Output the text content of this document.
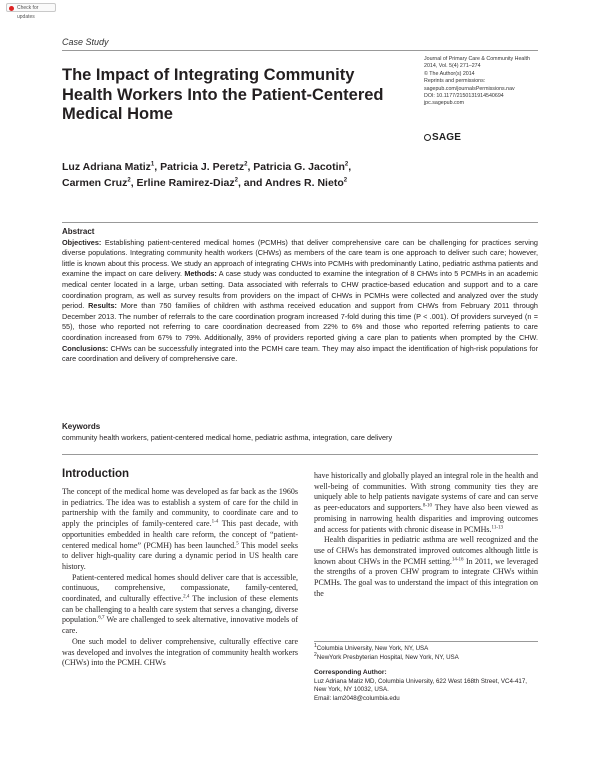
Check for updates
Case Study
The Impact of Integrating Community Health Workers Into the Patient-Centered Medical Home
Journal of Primary Care & Community Health
2014, Vol. 5(4) 271–274
© The Author(s) 2014
Reprints and permissions:
sagepub.com/journalsPermissions.nav
DOI: 10.1177/2150131914540694
jpc.sagepub.com
SAGE
Luz Adriana Matiz$^1$, Patricia J. Peretz$^2$, Patricia G. Jacotin$^2$,
Carmen Cruz$^2$, Erline Ramirez-Diaz$^2$, and Andres R. Nieto$^2$
Abstract
Objectives: Establishing patient-centered medical homes (PCMHs) that deliver comprehensive care can be challenging for practices serving diverse populations. Integrating community health workers (CHWs) as members of the care team is one approach to deliver such care; however, little is known about this process. We study an approach of integrating CHWs into PCMHs with predominantly Latino, pediatric asthma patients and examine the impact on care delivery. Methods: A case study was conducted to examine the integration of 8 CHWs into 5 PCMHs in an academic medical center located in a large, urban setting. Data associated with referrals to CHW practice-based education and support and to a care coordination program, as well as survey results from providers on the impact of CHWs in PCMHs were collected and analyzed over the study period. Results: More than 750 families of children with asthma received education and support from CHWs from February 2011 through December 2013. The number of referrals to the care coordination program increased 7-fold during this time (P < .001). Of providers surveyed (n = 55), those who reported not referring to care coordination decreased from 22% to 6% and those who reported referring patients to care coordination increased from 67% to 79%. Additionally, 39% of providers reported giving a care plan to patients when prompted by the CHW. Conclusions: CHWs can be successfully integrated into the PCMH care team. They may also impact the identification of high-risk populations for care coordination and delivery of comprehensive care.
Keywords
community health workers, patient-centered medical home, pediatric asthma, integration, care delivery
Introduction

The concept of the medical home was developed as far back as the 1960s in pediatrics. The idea was to establish a system of care for the child in partnership with the family and community, to coordinate care and to apply the principles of family-centered care.$^{1-4}$ This past decade, with opportunities embedded in health care reform, the concept of “patient-centered medical home” (PCMH) has been launched.$^5$ This model seeks to deliver high-quality care during a dynamic period in US health care history.

Patient-centered medical homes should deliver care that is accessible, continuous, comprehensive, compassionate, family-centered, coordinated, and culturally effective.$^{2,4}$ The inclusion of these elements can be challenging to a health care system that serves a changing, diverse population.$^{6,7}$ We are challenged to seek alternative, innovative models of care.

One such model to deliver comprehensive, culturally effective care was developed and involves the integration of community health workers (CHWs) into the PCMH. CHWs

have historically and globally played an integral role in the health and well-being of communities. With strong community ties they are uniquely able to help patients navigate systems of care and can serve as peer-educators and supporters.$^{8-10}$ They have also been viewed as promising in narrowing health disparities and improving outcomes and access for patients with chronic disease in PCMHs.$^{11-13}$

Health disparities in pediatric asthma are well recognized and the use of CHWs has demonstrated improved outcomes although little is known about CHWs in the PCMH setting.$^{14-16}$ In 2011, we leveraged the strengths of a proven CHW program to integrate CHWs within PCMHs. The goal was to understand the impact of this integration on the

$^1$Columbia University, New York, NY, USA
$^2$NewYork Presbyterian Hospital, New York, NY, USA
Corresponding Author:
Luz Adriana Matiz MD, Columbia University, 622 West 168th Street, VC4-417, New York, NY 10032, USA.
Email: lam2048@columbia.edu
